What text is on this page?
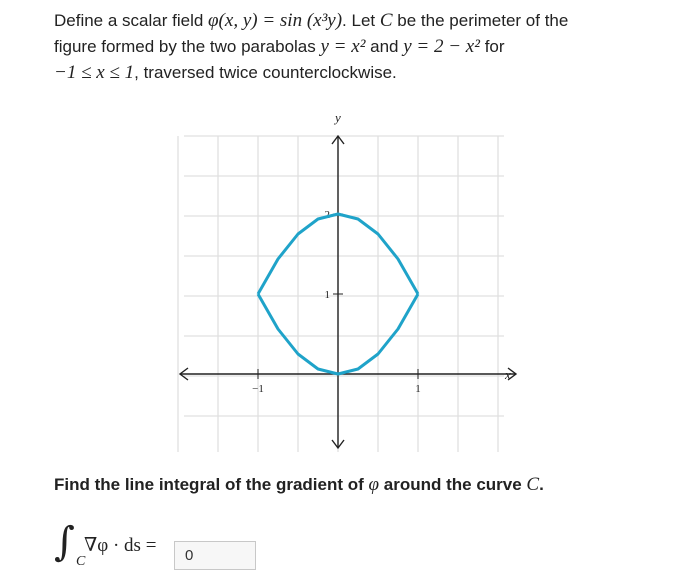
Define a scalar field φ(x, y) = sin (x³y). Let C be the perimeter of the
figure formed by the two parabolas y = x² and y = 2 − x² for
−1 ≤ x ≤ 1, traversed twice counterclockwise.
−1	1
1
2
x
y
Find the line integral of the gradient of φ around the curve C.
∫ C
∇φ · ds =	0
